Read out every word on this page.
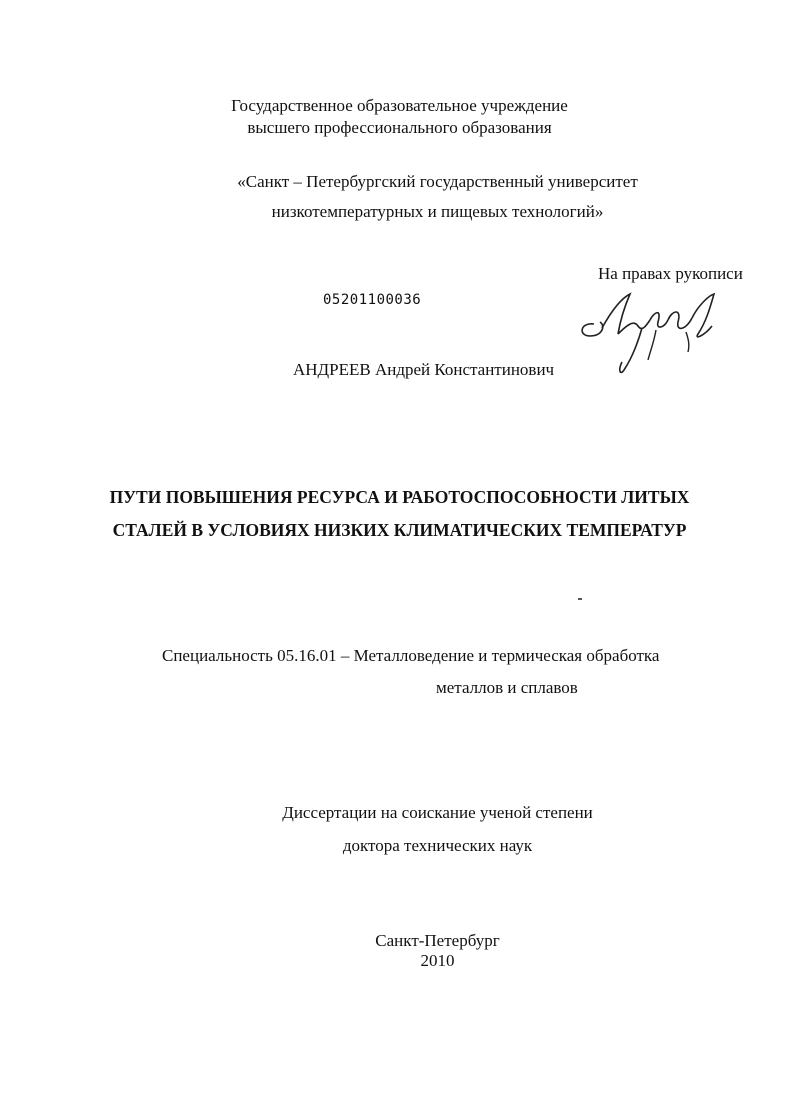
Государственное образовательное учреждение
высшего профессионального образования
«Санкт – Петербургский государственный университет
низкотемпературных и пищевых технологий»
На правах рукописи
05201100036
АНДРЕЕВ Андрей Константинович
ПУТИ ПОВЫШЕНИЯ РЕСУРСА И РАБОТОСПОСОБНОСТИ ЛИТЫХ
СТАЛЕЙ В УСЛОВИЯХ НИЗКИХ КЛИМАТИЧЕСКИХ ТЕМПЕРАТУР
Специальность 05.16.01 – Металловедение и термическая обработка
металлов и сплавов
Диссертации на соискание ученой степени
доктора технических наук
Санкт-Петербург
2010
